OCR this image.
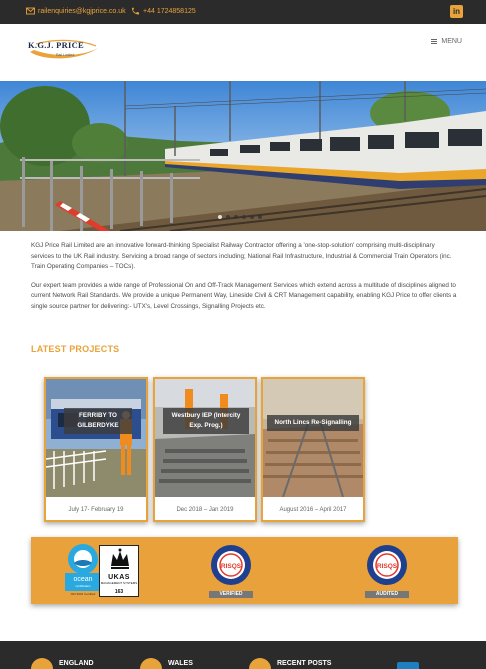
railenquiries@kgjprice.co.uk +44 1724858125	in
K.G.J. PRICE
Rail Limited
MENU

KGJ Price Rail Limited are an innovative forward-thinking Specialist Railway Contractor offering a 'one-stop-solution' comprising multi-disciplinary services to the UK Rail industry. Servicing a broad range of sectors including; National Rail Infrastructure, Industrial & Commercial Train Operators (inc. Train Operating Companies – TOCs).

Our expert team provides a wide range of Professional On and Off-Track Management Services which extend across a multitude of disciplines aligned to current Network Rail Standards. We provide a unique Permanent Way, Lineside Civil & CRT Management capability, enabling KGJ Price to offer clients a single source partner for delivering:- UTX's, Level Crossings, Signalling Projects etc.

LATEST PROJECTS
FERRIBY TO GILBERDYKE
July 17- February 19
Westbury IEP (Intercity Exp. Prog.)
Dec 2018 – Jan 2019
North Lincs Re-Signalling
August 2016 – April 2017
ocean
certification
ISO 9001 Certified
UKAS
MANAGEMENT SYSTEMS
163
RISQS
VERIFIED
RISQS
AUDITED
ENGLAND	WALES	RECENT POSTS
